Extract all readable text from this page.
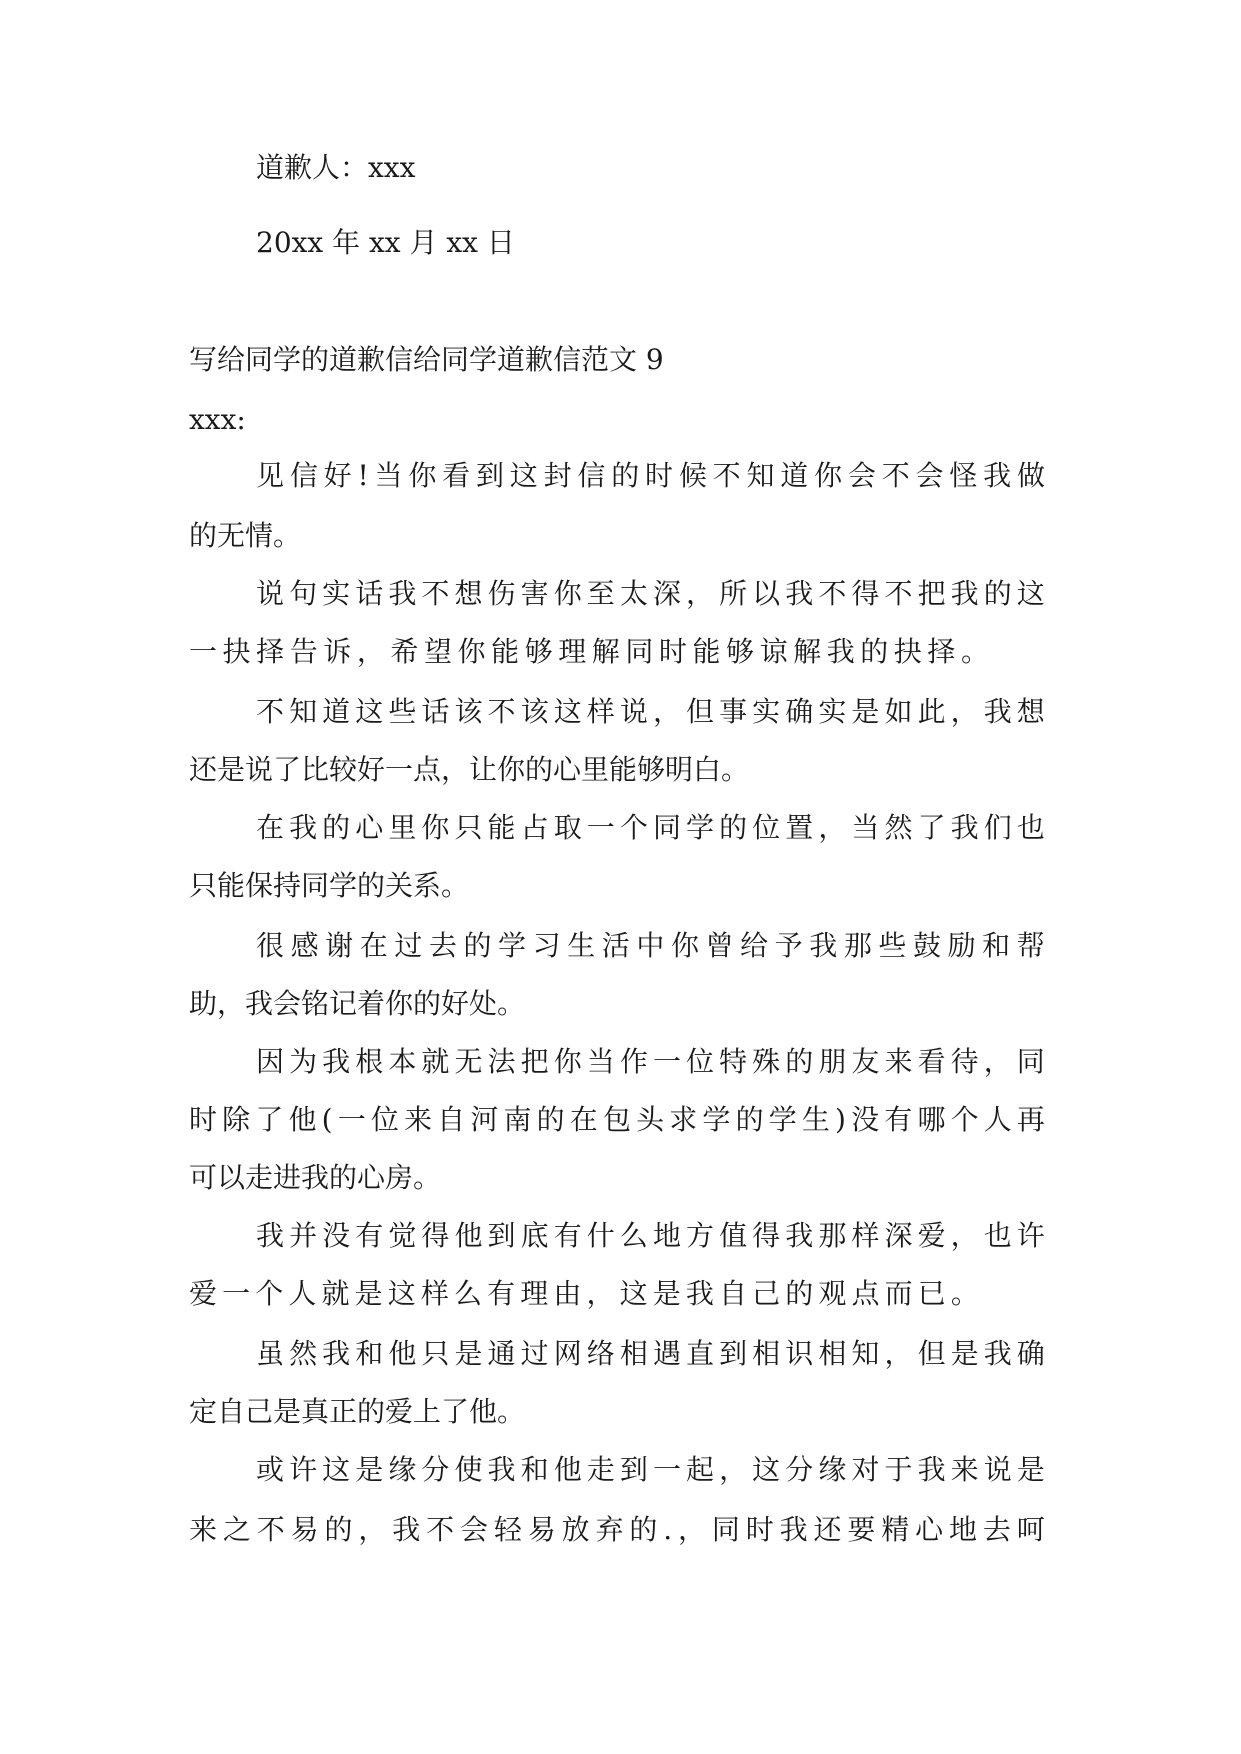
道歉人：xxx
20xx 年 xx 月 xx 日
写给同学的道歉信给同学道歉信范文 9
xxx:
见 信 好 ! 当 你 看 到 这 封 信 的 时 候 不 知 道 你 会 不 会 怪 我 做
的无情。
说 句 实 话 我 不 想 伤 害 你 至 太 深 ， 所 以 我 不 得 不 把 我 的 这
一 抉 择 告 诉 ， 希 望 你 能 够 理 解 同 时 能 够 谅 解 我 的 抉 择 。
不 知 道 这 些 话 该 不 该 这 样 说 ， 但 事 实 确 实 是 如 此 ， 我 想
还是说了比较好一点，让你的心里能够明白。
在 我 的 心 里 你 只 能 占 取 一 个 同 学 的 位 置 ， 当 然 了 我 们 也
只能保持同学的关系。
很 感 谢 在 过 去 的 学 习 生 活 中 你 曾 给 予 我 那 些 鼓 励 和 帮
助，我会铭记着你的好处。
因 为 我 根 本 就 无 法 把 你 当 作 一 位 特 殊 的 朋 友 来 看 待 ， 同
时 除 了 他 ( 一 位 来 自 河 南 的 在 包 头 求 学 的 学 生 ) 没 有 哪 个 人 再
可以走进我的心房。
我 并 没 有 觉 得 他 到 底 有 什 么 地 方 值 得 我 那 样 深 爱 ， 也 许
爱 一 个 人 就 是 这 样 么 有 理 由 ， 这 是 我 自 己 的 观 点 而 已 。
虽 然 我 和 他 只 是 通 过 网 络 相 遇 直 到 相 识 相 知 ， 但 是 我 确
定自己是真正的爱上了他。
或 许 这 是 缘 分 使 我 和 他 走 到 一 起 ， 这 分 缘 对 于 我 来 说 是
来 之 不 易 的 ， 我 不 会 轻 易 放 弃 的 . ， 同 时 我 还 要 精 心 地 去 呵
